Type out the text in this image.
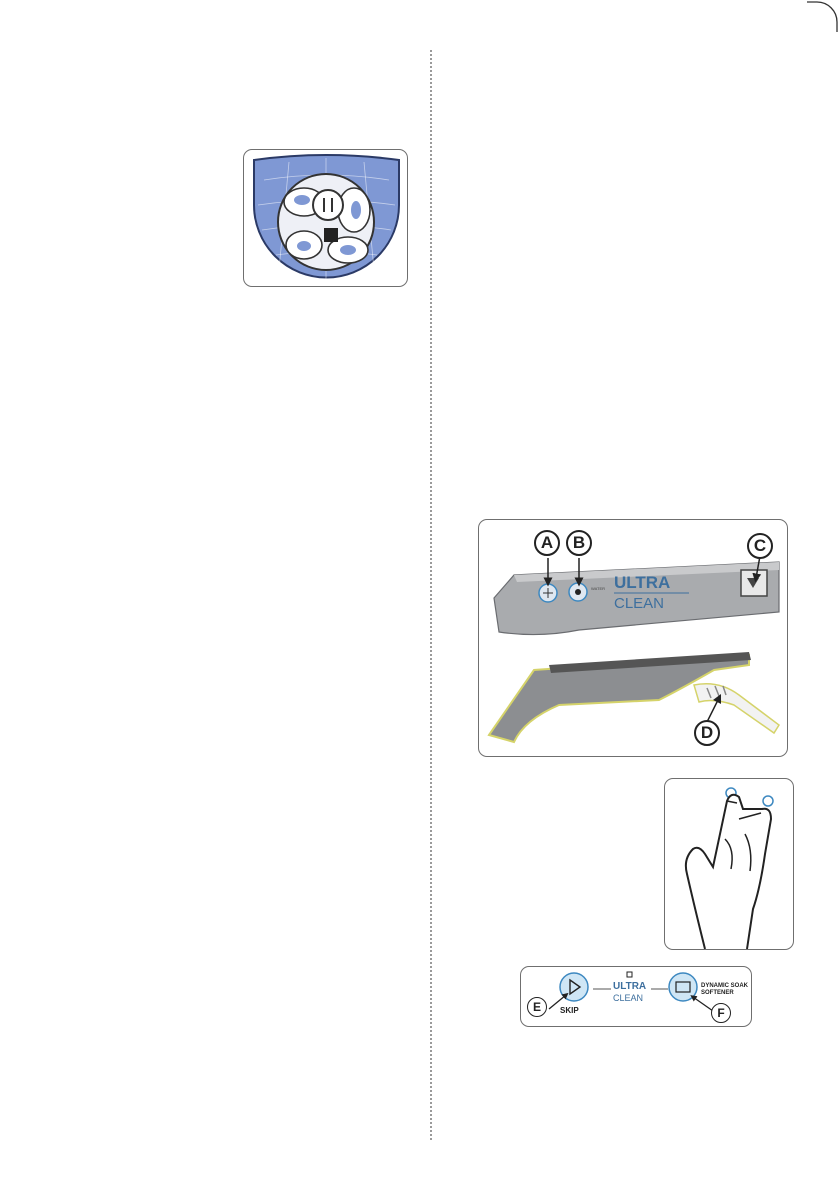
WATER ULTRA
CLEAN
A	B	C
D
SKIP
ULTRA
CLEAN
DYNAMIC SOAK
SOFTENER
E	F
